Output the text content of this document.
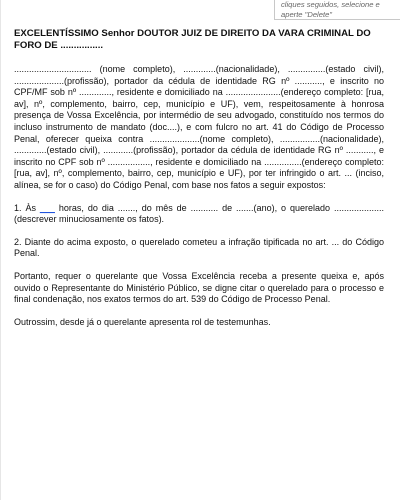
cliques seguidos, selecione e
aperte "Delete"
EXCELENTÍSSIMO Senhor DOUTOR JUIZ DE DIREITO DA VARA CRIMINAL DO FORO DE ................

............................... (nome completo), .............(nacionalidade), ...............(estado civil), ....................(profissão), portador da cédula de identidade RG nº ..........., e inscrito no CPF/MF sob nº ............., residente e domiciliado na ......................(endereço completo: [rua, av], nº, complemento, bairro, cep, município e UF), vem, respeitosamente à honrosa presença de Vossa Excelência, por intermédio de seu advogado, constituído nos termos do incluso instrumento de mandato (doc....), e com fulcro no art. 41 do Código de Processo Penal, oferecer queixa contra ....................(nome completo), ................(nacionalidade), .............(estado civil), ............(profissão), portador da cédula de identidade RG nº ..........., e inscrito no CPF sob nº ................., residente e domiciliado na ...............(endereço completo: [rua, av], nº, complemento, bairro, cep, município e UF), por ter infringido o art. ... (inciso, alínea, se for o caso) do Código Penal, com base nos fatos a seguir expostos:

1. Às ___ horas, do dia ......., do mês de ........... de .......(ano), o querelado ....................(descrever minuciosamente os fatos).

2. Diante do acima exposto, o querelado cometeu a infração tipificada no art. ... do Código Penal.

Portanto, requer o querelante que Vossa Excelência receba a presente queixa e, após ouvido o Representante do Ministério Público, se digne citar o querelado para o processo e final condenação, nos exatos termos do art. 539 do Código de Processo Penal.

Outrossim, desde já o querelante apresenta rol de testemunhas.
